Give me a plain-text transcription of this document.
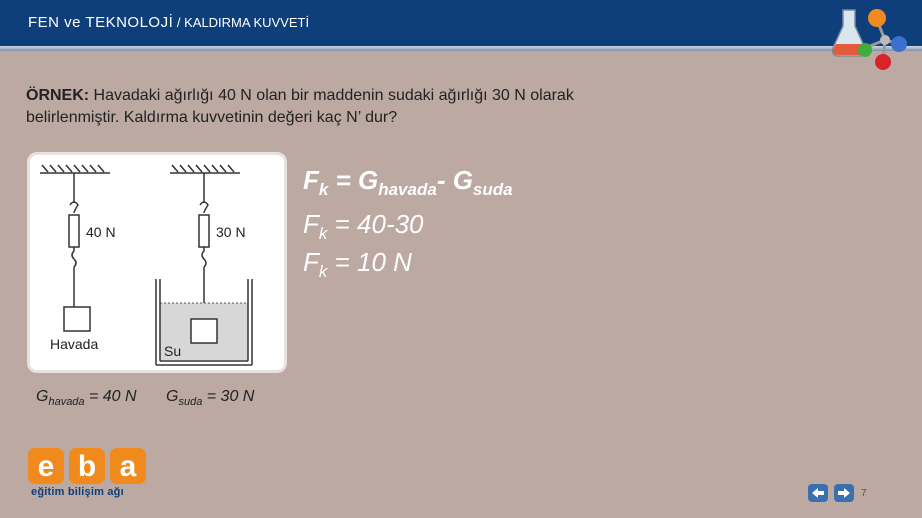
FEN ve TEKNOLOJİ / KALDIRMA KUVVETİ
ÖRNEK: Havadaki ağırlığı 40 N olan bir maddenin sudaki ağırlığı 30 N olarak belirlenmiştir. Kaldırma kuvvetinin değeri kaç N’ dur?
40 N	30 N
Havada	Su
$F_k = G_{havada}-$ $G_{suda}$
$F_k = 40-30$
$F_k = 10$ N
$G_{havada} = 40$ N $G_{suda} = 30$ N
e b a
eğitim bilişim ağı	7
